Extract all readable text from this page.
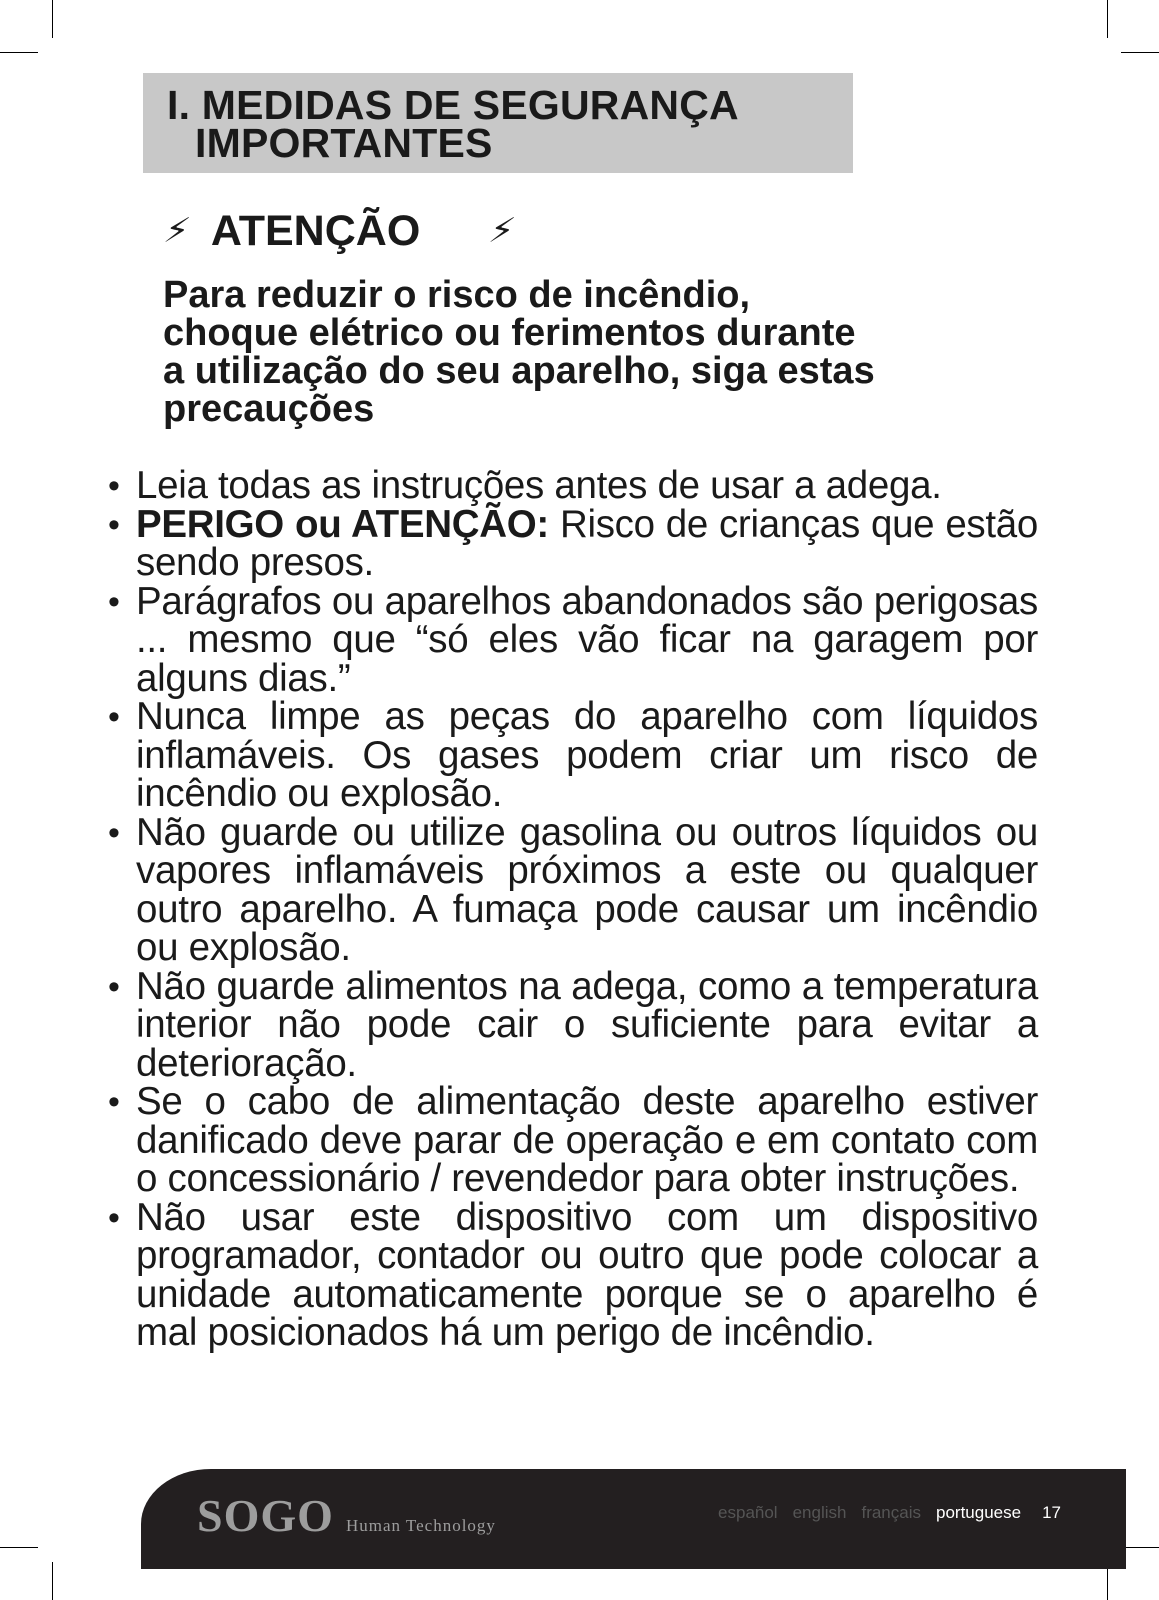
I. MEDIDAS DE SEGURANÇA
IMPORTANTES
⚡ ATENÇÃO ⚡
Para reduzir o risco de incêndio,
choque elétrico ou ferimentos durante
a utilização do seu aparelho, siga estas
precauções
• Leia todas as instruções antes de usar a adega.
• PERIGO ou ATENÇÃO: Risco de crianças que estão sendo presos.
• Parágrafos ou aparelhos abandonados são perigosas ... mesmo que “só eles vão ficar na garagem por alguns dias.”
• Nunca limpe as peças do aparelho com líquidos inflamáveis. Os gases podem criar um risco de incêndio ou explosão.
• Não guarde ou utilize gasolina ou outros líquidos ou vapores inflamáveis próximos a este ou qualquer outro aparelho. A fumaça pode causar um incêndio ou explosão.
• Não guarde alimentos na adega, como a temperatura interior não pode cair o suficiente para evitar a deterioração.
• Se o cabo de alimentação deste aparelho estiver danificado deve parar de operação e em contato com o concessionário / revendedor para obter instruções.
• Não usar este dispositivo com um dispositivo programador, contador ou outro que pode colocar a unidade automaticamente porque se o aparelho é mal posicionados há um perigo de incêndio.
SOGO Human Technology
español english français portuguese 17
